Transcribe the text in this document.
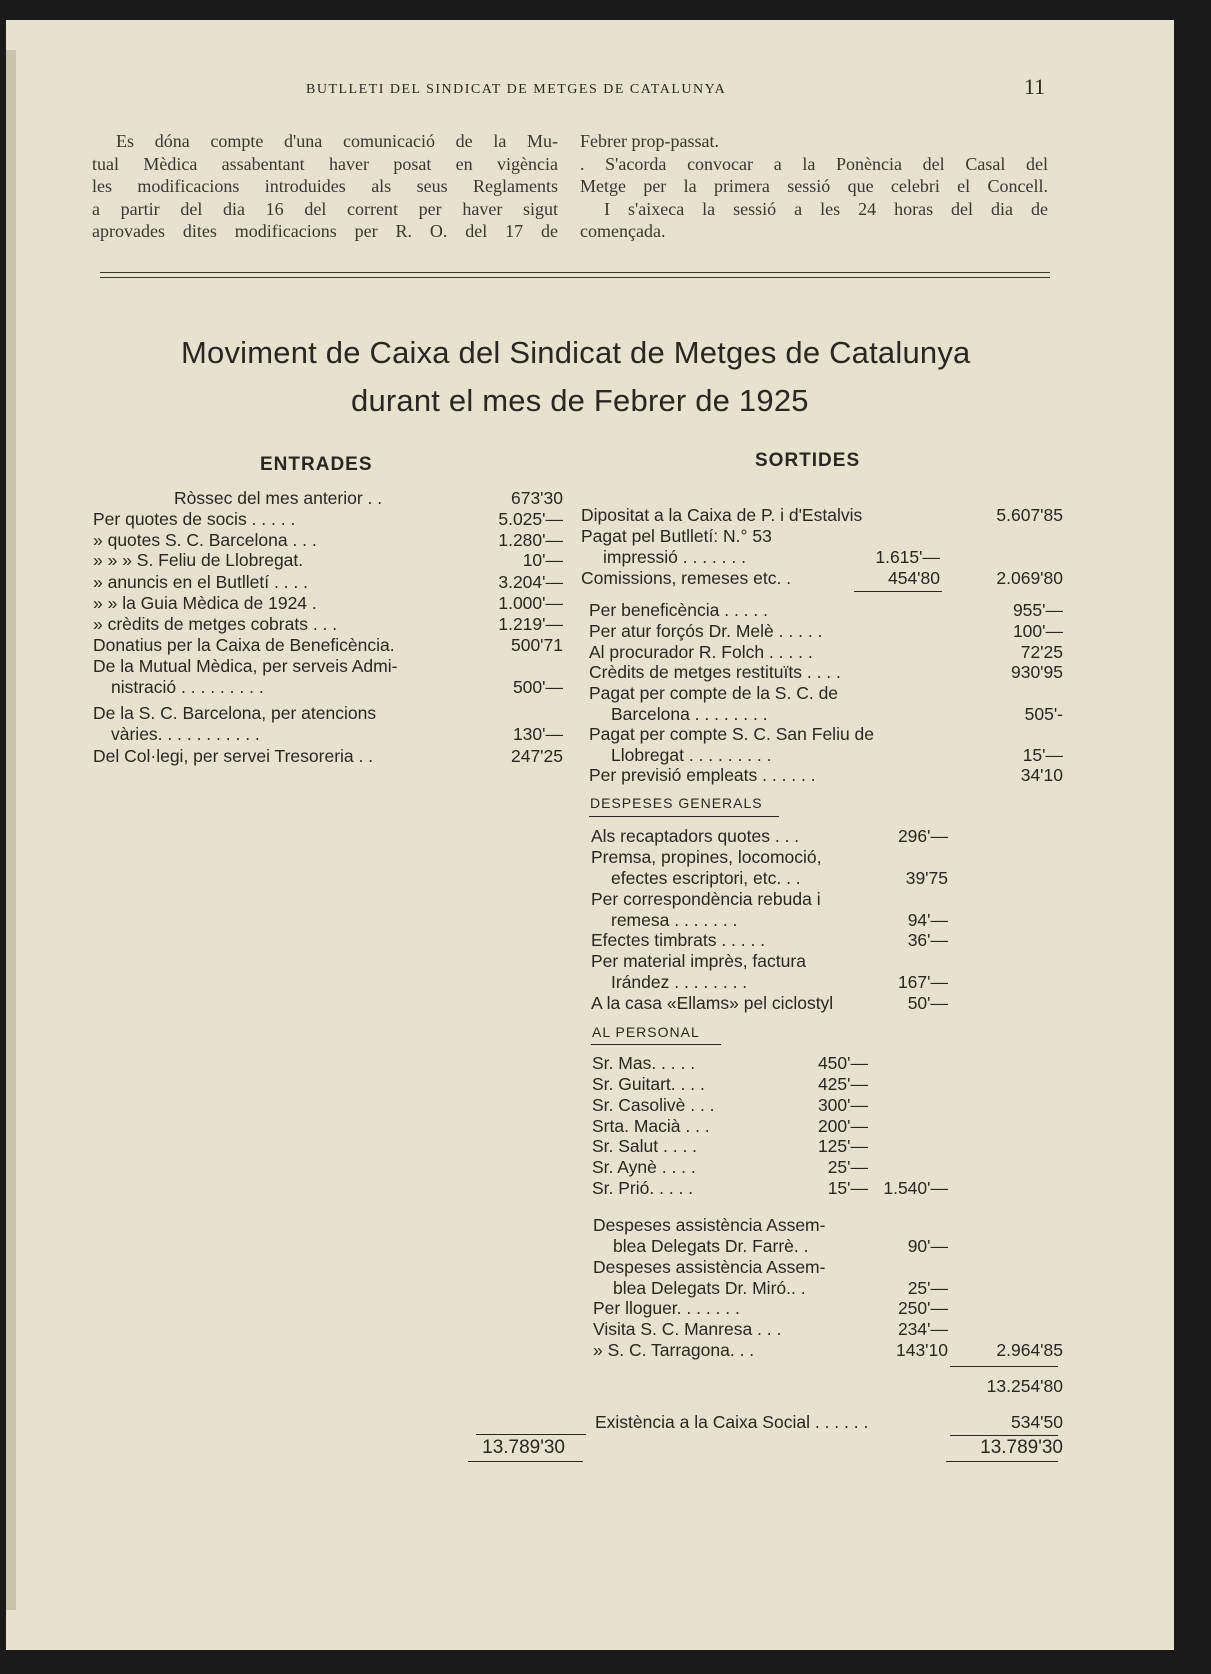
BUTLLETI DEL SINDICAT DE METGES DE CATALUNYA	11
Es dóna compte d'una comunicació de la Mu-
tual Mèdica assabentant haver posat en vigència
les modificacions introduides als seus Reglaments
a partir del dia 16 del corrent per haver sigut
aprovades dites modificacions per R. O. del 17 de
Febrer prop-passat.
. S'acorda convocar a la Ponència del Casal del
Metge per la primera sessió que celebri el Concell.
I s'aixeca la sessió a les 24 horas del dia de
començada.
Moviment de Caixa del Sindicat de Metges de Catalunya
durant el mes de Febrer de 1925
ENTRADES	SORTIDES
Ròssec del mes anterior . .	673'30
Per quotes de socis . . . . .	5.025'—
» quotes S. C. Barcelona . . .	1.280'—
» » » S. Feliu de Llobregat.	10'—
» anuncis en el Butlletí . . . .	3.204'—
» » la Guia Mèdica de 1924 .	1.000'—
» crèdits de metges cobrats . . .	1.219'—
Donatius per la Caixa de Beneficència.	500'71
De la Mutual Mèdica, per serveis Admi-
nistració . . . . . . . . .	500'—
De la S. C. Barcelona, per atencions
vàries. . . . . . . . . . .	130'—
Del Col·legi, per servei Tresoreria . .	247'25
13.789'30
Dipositat a la Caixa de P. i d'Estalvis	5.607'85
Pagat pel Butlletí: N.° 53
impressió . . . . . . .	1.615'—
Comissions, remeses etc. .	454'80	2.069'80
Per beneficència . . . . .	955'—
Per atur forçós Dr. Melè . . . . .	100'—
Al procurador R. Folch . . . . .	72'25
Crèdits de metges restituïts . . . .	930'95
Pagat per compte de la S. C. de
Barcelona . . . . . . . .	505'-
Pagat per compte S. C. San Feliu de
Llobregat . . . . . . . . .	15'—
Per previsió empleats . . . . . .	34'10
DESPESES GENERALS
Als recaptadors quotes . . .	296'—
Premsa, propines, locomoció,
efectes escriptori, etc. . .	39'75
Per correspondència rebuda i
remesa . . . . . . .	94'—
Efectes timbrats . . . . .	36'—
Per material imprès, factura
Irández . . . . . . . .	167'—
A la casa «Ellams» pel ciclostyl	50'—
AL PERSONAL
Sr. Mas. . . . .	450'—
Sr. Guitart. . . .	425'—
Sr. Casolivè . . .	300'—
Srta. Macià . . .	200'—
Sr. Salut . . . .	125'—
Sr. Aynè . . . .	25'—
Sr. Prió. . . . .	15'— 1.540'—
Despeses assistència Assem-
blea Delegats Dr. Farrè. .	90'—
Despeses assistència Assem-
blea Delegats Dr. Miró.. .	25'—
Per lloguer. . . . . . .	250'—
Visita S. C. Manresa . . .	234'—
» S. C. Tarragona. . .	143'10	2.964'85
13.254'80
Existència a la Caixa Social . . . . . .	534'50
13.789'30
